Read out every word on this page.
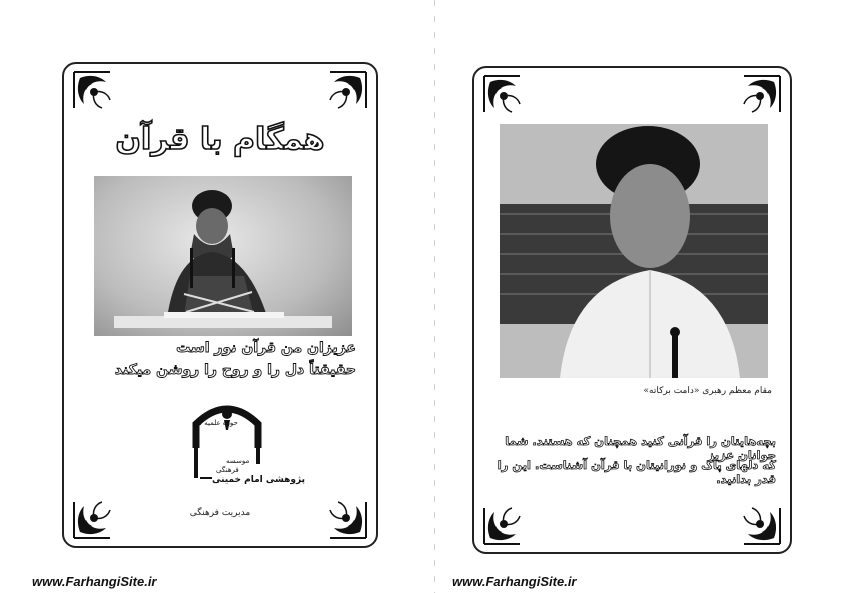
همگام با قرآن
عزیزان من قرآن نور است
حقیقتاً دل را و روح را روشن میکند
حوزه علمیه قم
موسسه
فرهنگی
پژوهشی امام خمینی
مدیریت فرهنگی
مقام معظم رهبری «دامت برکاته»
بچه‌هایتان را قرآنی کنید همچنان که هستند. شما جوانان عزیز
که دلهای پاک و نورانیتان با قرآن آشناست. این را قدر بدانید.
www.FarhangiSite.ir	www.FarhangiSite.ir
